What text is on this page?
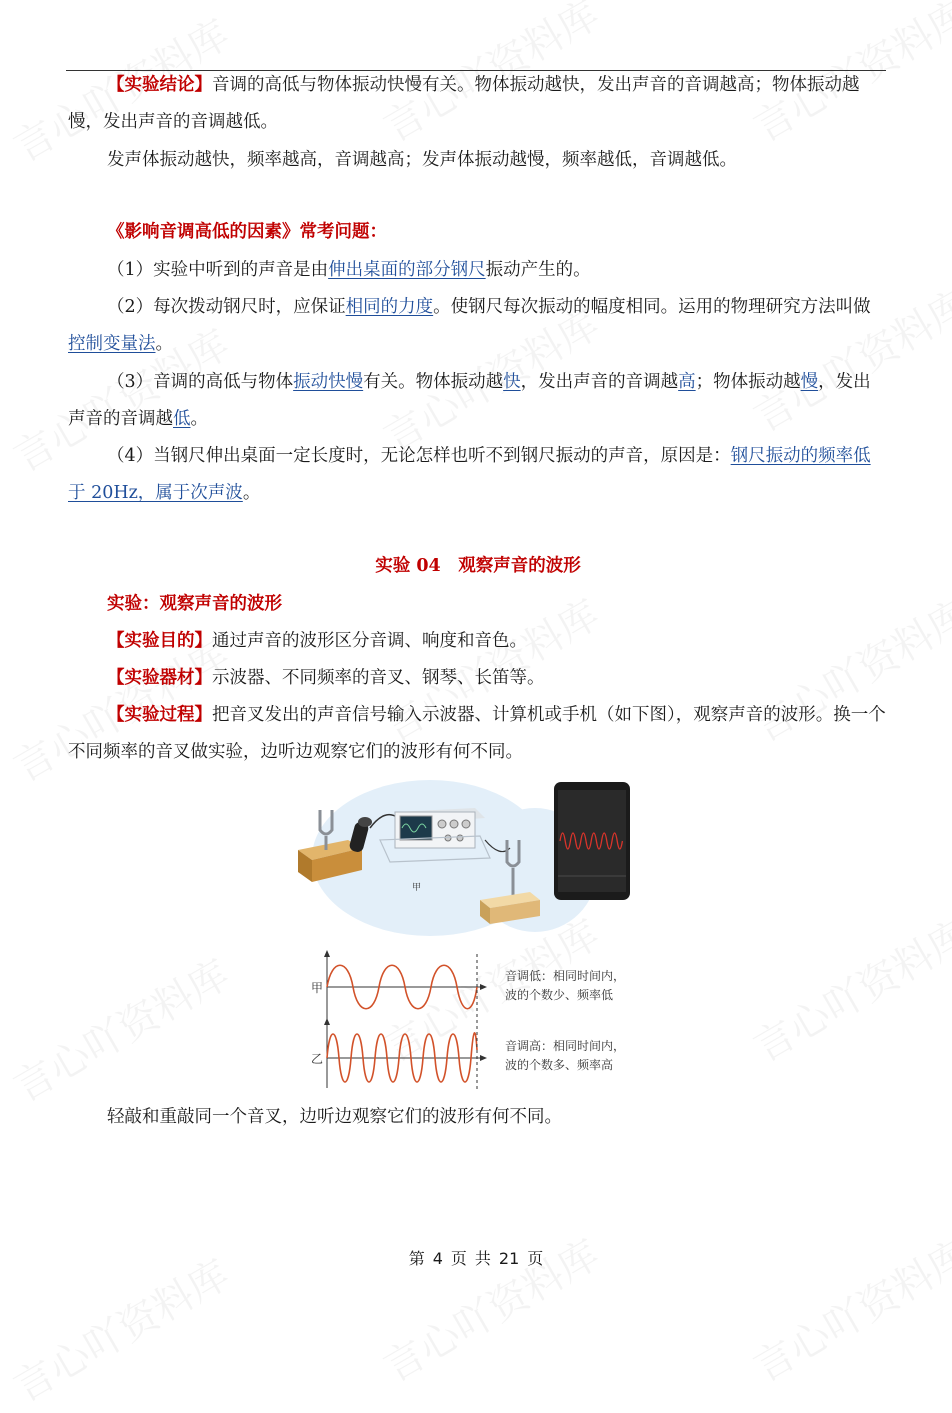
【实验结论】音调的高低与物体振动快慢有关。物体振动越快，发出声音的音调越高；物体振动越慢，发出声音的音调越低。

发声体振动越快，频率越高，音调越高；发声体振动越慢，频率越低，音调越低。

《影响音调高低的因素》常考问题：

（1）实验中听到的声音是由伸出桌面的部分钢尺振动产生的。

（2）每次拨动钢尺时，应保证相同的力度。使钢尺每次振动的幅度相同。运用的物理研究方法叫做控制变量法。

（3）音调的高低与物体振动快慢有关。物体振动越快，发出声音的音调越高；物体振动越慢，发出声音的音调越低。

（4）当钢尺伸出桌面一定长度时，无论怎样也听不到钢尺振动的声音，原因是：钢尺振动的频率低于 20Hz，属于次声波。

实验 04　观察声音的波形

实验：观察声音的波形

【实验目的】通过声音的波形区分音调、响度和音色。

【实验器材】示波器、不同频率的音叉、钢琴、长笛等。

【实验过程】把音叉发出的声音信号输入示波器、计算机或手机（如下图），观察声音的波形。换一个不同频率的音叉做实验，边听边观察它们的波形有何不同。

甲
甲
乙
音调低：相同时间内，
波的个数少、频率低
音调高：相同时间内，
波的个数多、频率高

轻敲和重敲同一个音叉，边听边观察它们的波形有何不同。

第 4 页 共 21 页
